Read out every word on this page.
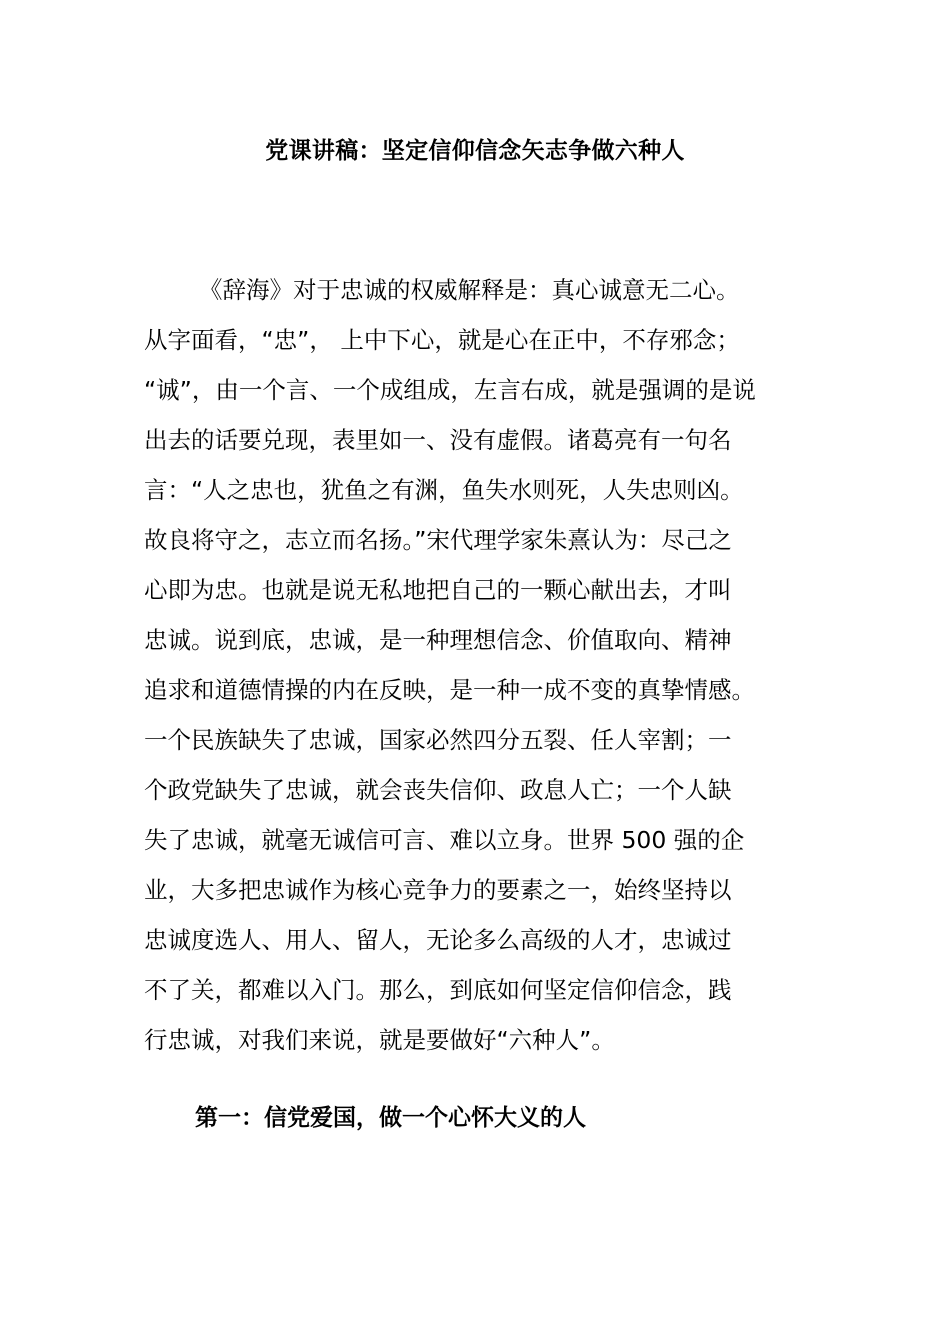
党课讲稿：坚定信仰信念矢志争做六种人
《辞海》对于忠诚的权威解释是：真心诚意无二心。
从字面看，“忠”， 上中下心，就是心在正中，不存邪念；
“诚”，由一个言、一个成组成，左言右成，就是强调的是说
出去的话要兑现，表里如一、没有虚假。诸葛亮有一句名
言：“人之忠也，犹鱼之有渊，鱼失水则死，人失忠则凶。
故良将守之，志立而名扬。”宋代理学家朱熹认为：尽己之
心即为忠。也就是说无私地把自己的一颗心献出去，才叫
忠诚。说到底，忠诚，是一种理想信念、价值取向、精神
追求和道德情操的内在反映，是一种一成不变的真挚情感。
一个民族缺失了忠诚，国家必然四分五裂、任人宰割；一
个政党缺失了忠诚，就会丧失信仰、政息人亡；一个人缺
失了忠诚，就毫无诚信可言、难以立身。世界 500 强的企
业，大多把忠诚作为核心竞争力的要素之一，始终坚持以
忠诚度选人、用人、留人，无论多么高级的人才，忠诚过
不了关，都难以入门。那么，到底如何坚定信仰信念，践
行忠诚，对我们来说，就是要做好“六种人”。
第一：信党爱国，做一个心怀大义的人
